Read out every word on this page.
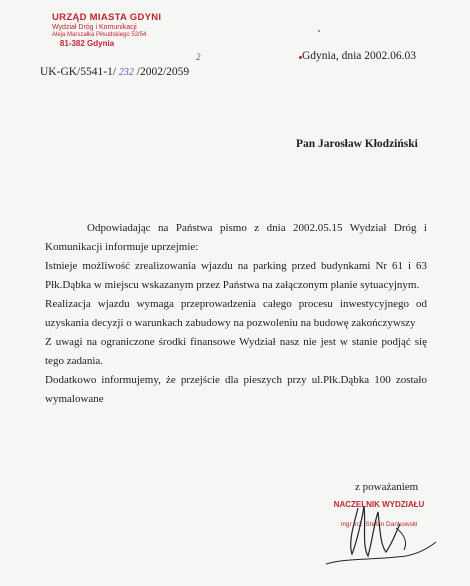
URZĄD MIASTA GDYNI
Wydział Dróg i Komunikacji
Aleja Marszałka Piłsudskiego 52/54
81-382 Gdynia
Gdynia, dnia 2002.06.03
UK-GK/5541-1/ 232 /2002/2059
2
Pan Jarosław Kłodziński

Odpowiadając na Państwa pismo z dnia 2002.05.15 Wydział Dróg i Komunikacji informuje uprzejmie:

Istnieje możliwość zrealizowania wjazdu na parking przed budynkami Nr 61 i 63 Płk.Dąbka w miejscu wskazanym przez Państwa na załączonym planie sytuacyjnym.

Realizacja wjazdu wymaga przeprowadzenia całego procesu inwestycyjnego od uzyskania decyzji o warunkach zabudowy na pozwoleniu na budowę zakończywszy

Z uwagi na ograniczone środki finansowe Wydział nasz nie jest w stanie podjąć się tego zadania.

Dodatkowo informujemy, że przejście dla pieszych przy ul.Płk.Dąbka 100 zostało wymalowane

z poważaniem
NACZELNIK WYDZIAŁU
mgr inż. Stefan Dankowski
